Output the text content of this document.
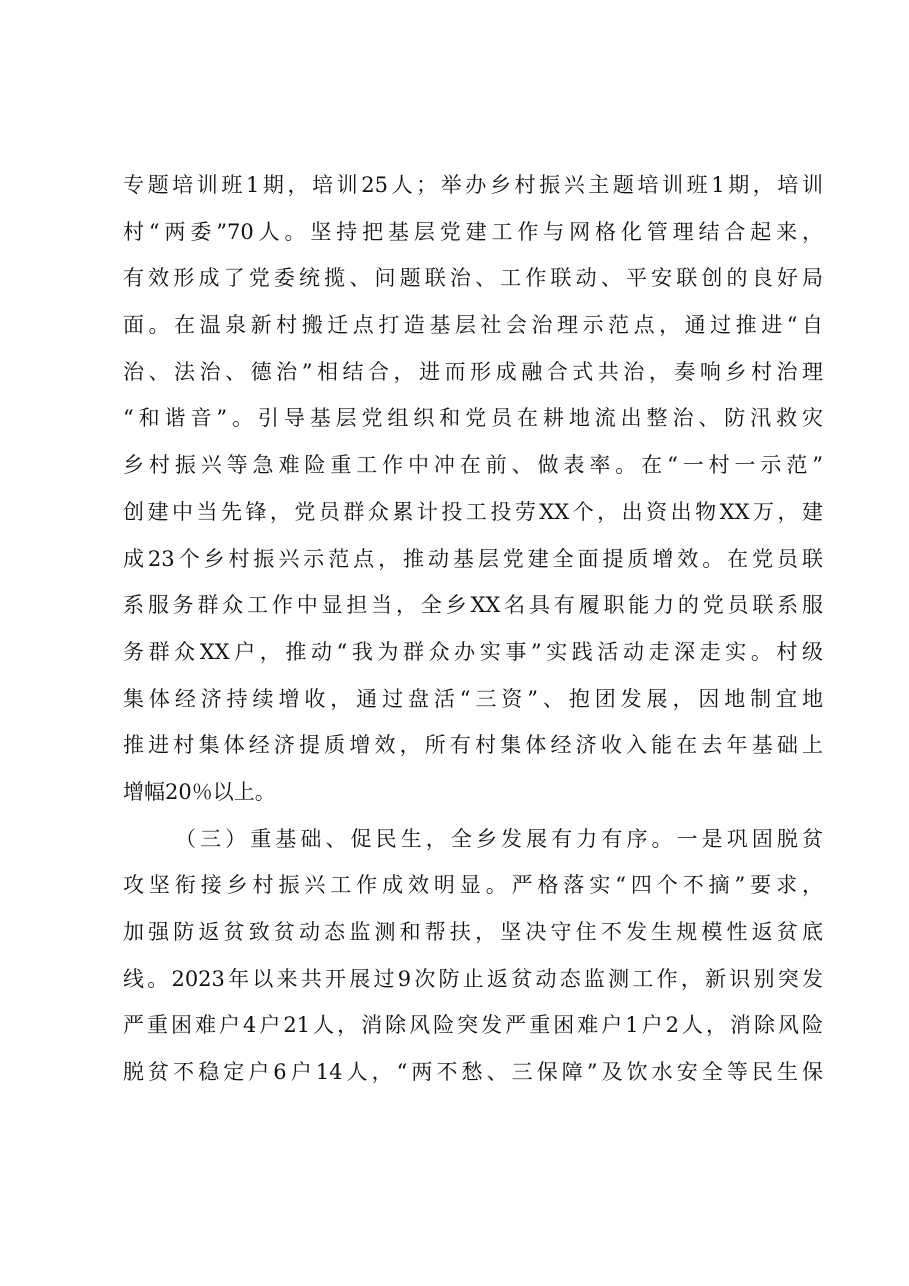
专题培训班1期，培训25人；举办乡村振兴主题培训班1期，培训
村“两委”70人。坚持把基层党建工作与网格化管理结合起来，
有效形成了党委统揽、问题联治、工作联动、平安联创的良好局
面。在温泉新村搬迁点打造基层社会治理示范点，通过推进“自
治、法治、德治”相结合，进而形成融合式共治，奏响乡村治理
“和谐音”。引导基层党组织和党员在耕地流出整治、防汛救灾
乡村振兴等急难险重工作中冲在前、做表率。在“一村一示范”
创建中当先锋，党员群众累计投工投劳XX个，出资出物XX万，建
成23个乡村振兴示范点，推动基层党建全面提质增效。在党员联
系服务群众工作中显担当，全乡XX名具有履职能力的党员联系服
务群众XX户，推动“我为群众办实事”实践活动走深走实。村级
集体经济持续增收，通过盘活“三资”、抱团发展，因地制宜地
推进村集体经济提质增效，所有村集体经济收入能在去年基础上
增幅20％以上。
（三）重基础、促民生，全乡发展有力有序。一是巩固脱贫
攻坚衔接乡村振兴工作成效明显。严格落实“四个不摘”要求，
加强防返贫致贫动态监测和帮扶，坚决守住不发生规模性返贫底
线。2023年以来共开展过9次防止返贫动态监测工作，新识别突发
严重困难户4户21人，消除风险突发严重困难户1户2人，消除风险
脱贫不稳定户6户14人，“两不愁、三保障”及饮水安全等民生保
